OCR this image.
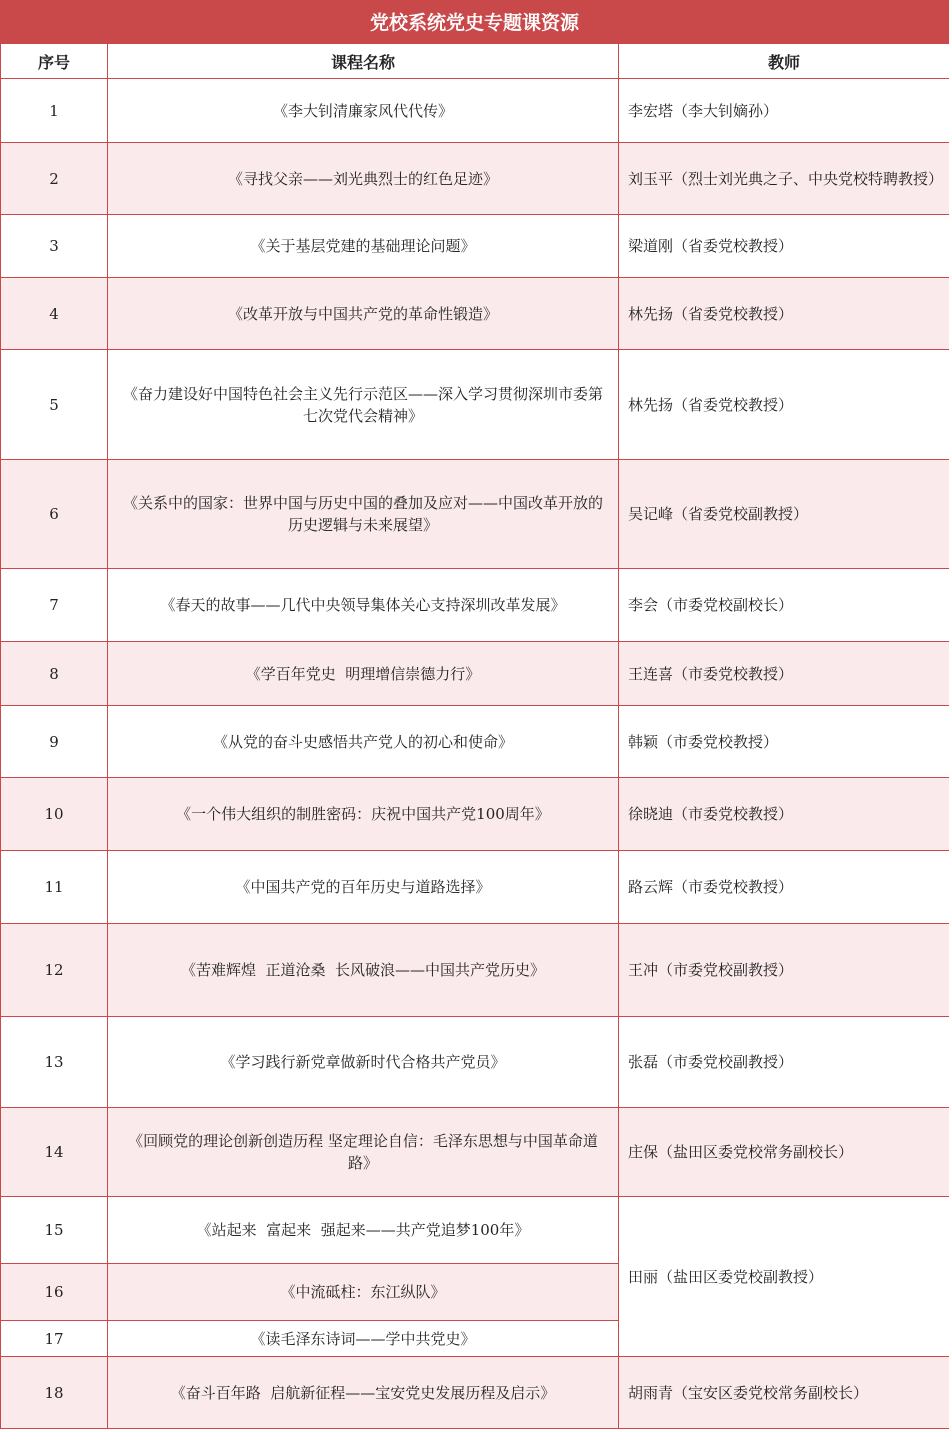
党校系统党史专题课资源
序号	课程名称	教师
1	《李大钊清廉家风代代传》	李宏塔（李大钊嫡孙）
2	《寻找父亲——刘光典烈士的红色足迹》	刘玉平（烈士刘光典之子、中央党校特聘教授）
3	《关于基层党建的基础理论问题》	梁道刚（省委党校教授）
4	《改革开放与中国共产党的革命性锻造》	林先扬（省委党校教授）
5	《奋力建设好中国特色社会主义先行示范区——深入学习贯彻深圳市委第七次党代会精神》	林先扬（省委党校教授）
6	《关系中的国家：世界中国与历史中国的叠加及应对——中国改革开放的历史逻辑与未来展望》	吴记峰（省委党校副教授）
7	《春天的故事——几代中央领导集体关心支持深圳改革发展》	李会（市委党校副校长）
8	《学百年党史  明理增信崇德力行》	王连喜（市委党校教授）
9	《从党的奋斗史感悟共产党人的初心和使命》	韩颖（市委党校教授）
10	《一个伟大组织的制胜密码：庆祝中国共产党100周年》	徐晓迪（市委党校教授）
11	《中国共产党的百年历史与道路选择》	路云辉（市委党校教授）
12	《苦难辉煌  正道沧桑  长风破浪——中国共产党历史》	王冲（市委党校副教授）
13	《学习践行新党章做新时代合格共产党员》	张磊（市委党校副教授）
14	《回顾党的理论创新创造历程 坚定理论自信：毛泽东思想与中国革命道路》	庄保（盐田区委党校常务副校长）
15	《站起来  富起来  强起来——共产党追梦100年》	田丽（盐田区委党校副教授）
16	《中流砥柱：东江纵队》	
17	《读毛泽东诗词——学中共党史》	
18	《奋斗百年路  启航新征程——宝安党史发展历程及启示》	胡雨青（宝安区委党校常务副校长）
